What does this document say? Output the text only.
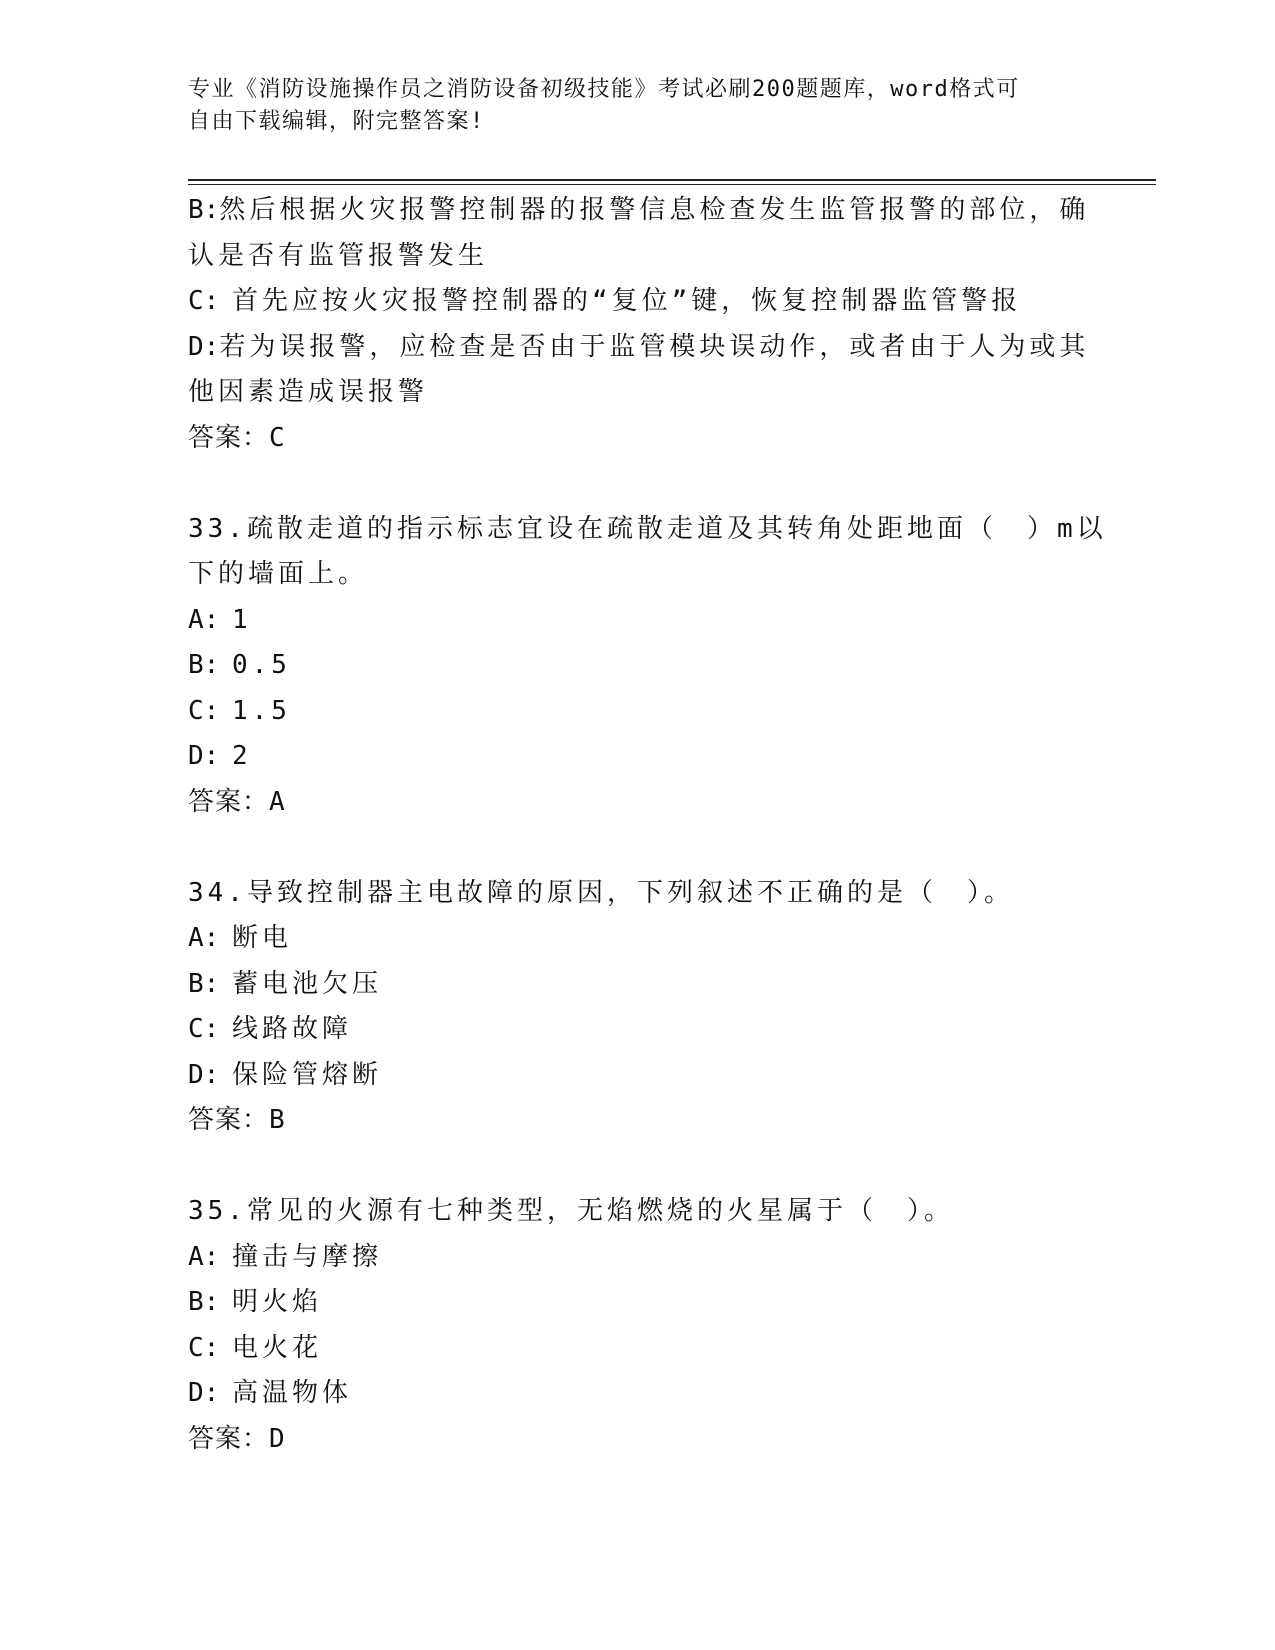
专业《消防设施操作员之消防设备初级技能》考试必刷200题题库，word格式可
自由下载编辑，附完整答案!
B: 然后根据火灾报警控制器的报警信息检查发生监管报警的部位，确
认是否有监管报警发生
C: 首先应按火灾报警控制器的“复位”键，恢复控制器监管警报
D: 若为误报警，应检查是否由于监管模块误动作，或者由于人为或其
他因素造成误报警
答案：C
33.疏散走道的指示标志宜设在疏散走道及其转角处距地面（　）m以
下的墙面上。
A: 1
B: 0.5
C: 1.5
D: 2
答案：A
34.导致控制器主电故障的原因，下列叙述不正确的是（　）。
A: 断电
B: 蓄电池欠压
C: 线路故障
D: 保险管熔断
答案：B
35.常见的火源有七种类型，无焰燃烧的火星属于（　）。
A: 撞击与摩擦
B: 明火焰
C: 电火花
D: 高温物体
答案：D
